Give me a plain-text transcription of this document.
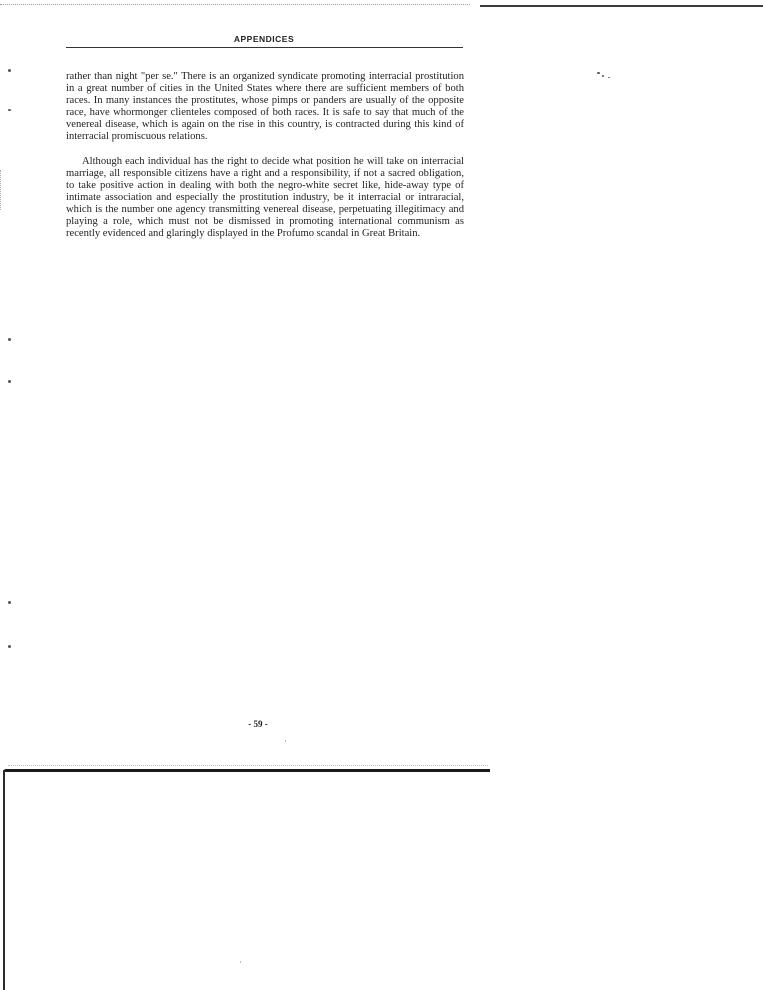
APPENDICES

rather than night "per se." There is an organized syndicate promoting interracial prostitution in a great number of cities in the United States where there are sufficient members of both races. In many instances the prostitutes, whose pimps or panders are usually of the opposite race, have whormonger clienteles composed of both races. It is safe to say that much of the venereal disease, which is again on the rise in this country, is contracted during this kind of interracial promiscuous relations.

Although each individual has the right to decide what position he will take on interracial marriage, all responsible citizens have a right and a responsibility, if not a sacred obligation, to take positive action in dealing with both the negro-white secret like, hide-away type of intimate association and especially the prostitution industry, be it interracial or intraracial, which is the number one agency transmitting venereal disease, perpetuating illegitimacy and playing a role, which must not be dismissed in promoting international communism as recently evidenced and glaringly displayed in the Profumo scandal in Great Britain.

- 59 -
